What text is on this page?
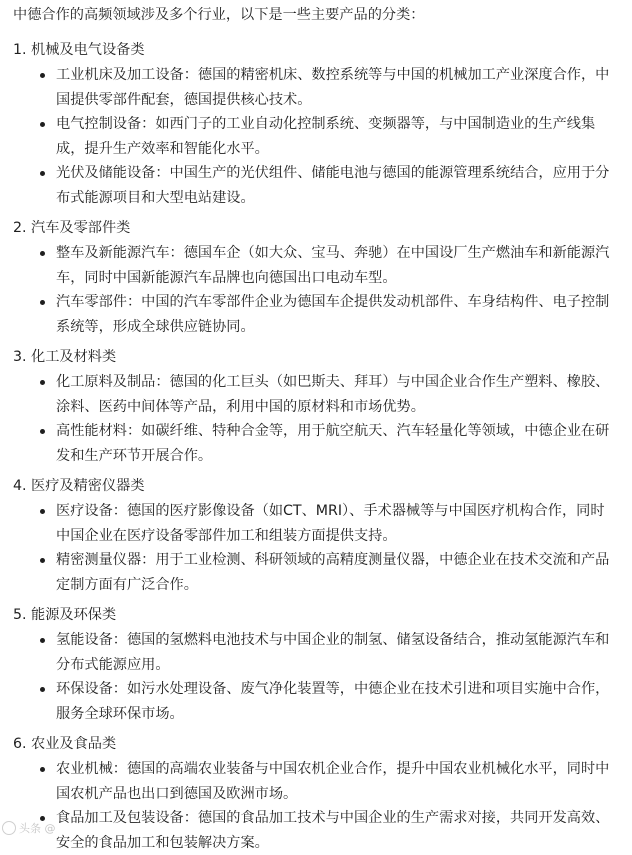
中德合作的高频领域涉及多个行业，以下是一些主要产品的分类：

1. 机械及电气设备类
工业机床及加工设备：德国的精密机床、数控系统等与中国的机械加工产业深度合作，中国提供零部件配套，德国提供核心技术。
电气控制设备：如西门子的工业自动化控制系统、变频器等，与中国制造业的生产线集成，提升生产效率和智能化水平。
光伏及储能设备：中国生产的光伏组件、储能电池与德国的能源管理系统结合，应用于分布式能源项目和大型电站建设。
2. 汽车及零部件类
整车及新能源汽车：德国车企（如大众、宝马、奔驰）在中国设厂生产燃油车和新能源汽车，同时中国新能源汽车品牌也向德国出口电动车型。
汽车零部件：中国的汽车零部件企业为德国车企提供发动机部件、车身结构件、电子控制系统等，形成全球供应链协同。
3. 化工及材料类
化工原料及制品：德国的化工巨头（如巴斯夫、拜耳）与中国企业合作生产塑料、橡胶、涂料、医药中间体等产品，利用中国的原材料和市场优势。
高性能材料：如碳纤维、特种合金等，用于航空航天、汽车轻量化等领域，中德企业在研发和生产环节开展合作。
4. 医疗及精密仪器类
医疗设备：德国的医疗影像设备（如CT、MRI）、手术器械等与中国医疗机构合作，同时中国企业在医疗设备零部件加工和组装方面提供支持。
精密测量仪器：用于工业检测、科研领域的高精度测量仪器，中德企业在技术交流和产品定制方面有广泛合作。
5. 能源及环保类
氢能设备：德国的氢燃料电池技术与中国企业的制氢、储氢设备结合，推动氢能源汽车和分布式能源应用。
环保设备：如污水处理设备、废气净化装置等，中德企业在技术引进和项目实施中合作，服务全球环保市场。
6. 农业及食品类
农业机械：德国的高端农业装备与中国农机企业合作，提升中国农业机械化水平，同时中国农机产品也出口到德国及欧洲市场。
食品加工及包装设备：德国的食品加工技术与中国企业的生产需求对接，共同开发高效、安全的食品加工和包装解决方案。
头条 @
